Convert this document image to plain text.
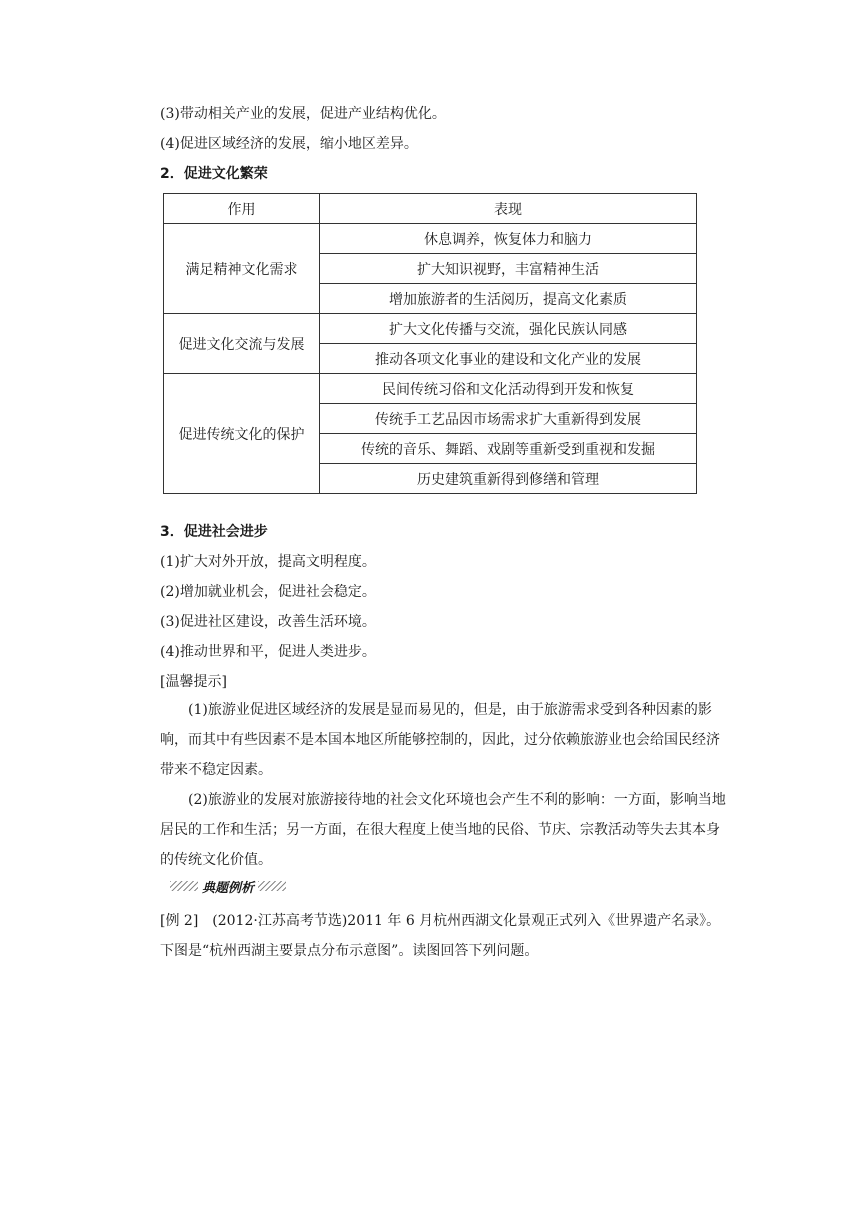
(3)带动相关产业的发展，促进产业结构优化。
(4)促进区域经济的发展，缩小地区差异。
2．促进文化繁荣
作用	表现
满足精神文化需求	休息调养，恢复体力和脑力
	扩大知识视野，丰富精神生活
	增加旅游者的生活阅历，提高文化素质
促进文化交流与发展	扩大文化传播与交流，强化民族认同感
	推动各项文化事业的建设和文化产业的发展
促进传统文化的保护	民间传统习俗和文化活动得到开发和恢复
	传统手工艺品因市场需求扩大重新得到发展
	传统的音乐、舞蹈、戏剧等重新受到重视和发掘
	历史建筑重新得到修缮和管理
3．促进社会进步
(1)扩大对外开放，提高文明程度。
(2)增加就业机会，促进社会稳定。
(3)促进社区建设，改善生活环境。
(4)推动世界和平，促进人类进步。
[温馨提示]
(1)旅游业促进区域经济的发展是显而易见的，但是，由于旅游需求受到各种因素的影响，而其中有些因素不是本国本地区所能够控制的，因此，过分依赖旅游业也会给国民经济带来不稳定因素。
(2)旅游业的发展对旅游接待地的社会文化环境也会产生不利的影响：一方面，影响当地居民的工作和生活；另一方面，在很大程度上使当地的民俗、节庆、宗教活动等失去其本身的传统文化价值。
典题例析
[例 2]　(2012·江苏高考节选)2011 年 6 月杭州西湖文化景观正式列入《世界遗产名录》。下图是“杭州西湖主要景点分布示意图”。读图回答下列问题。
